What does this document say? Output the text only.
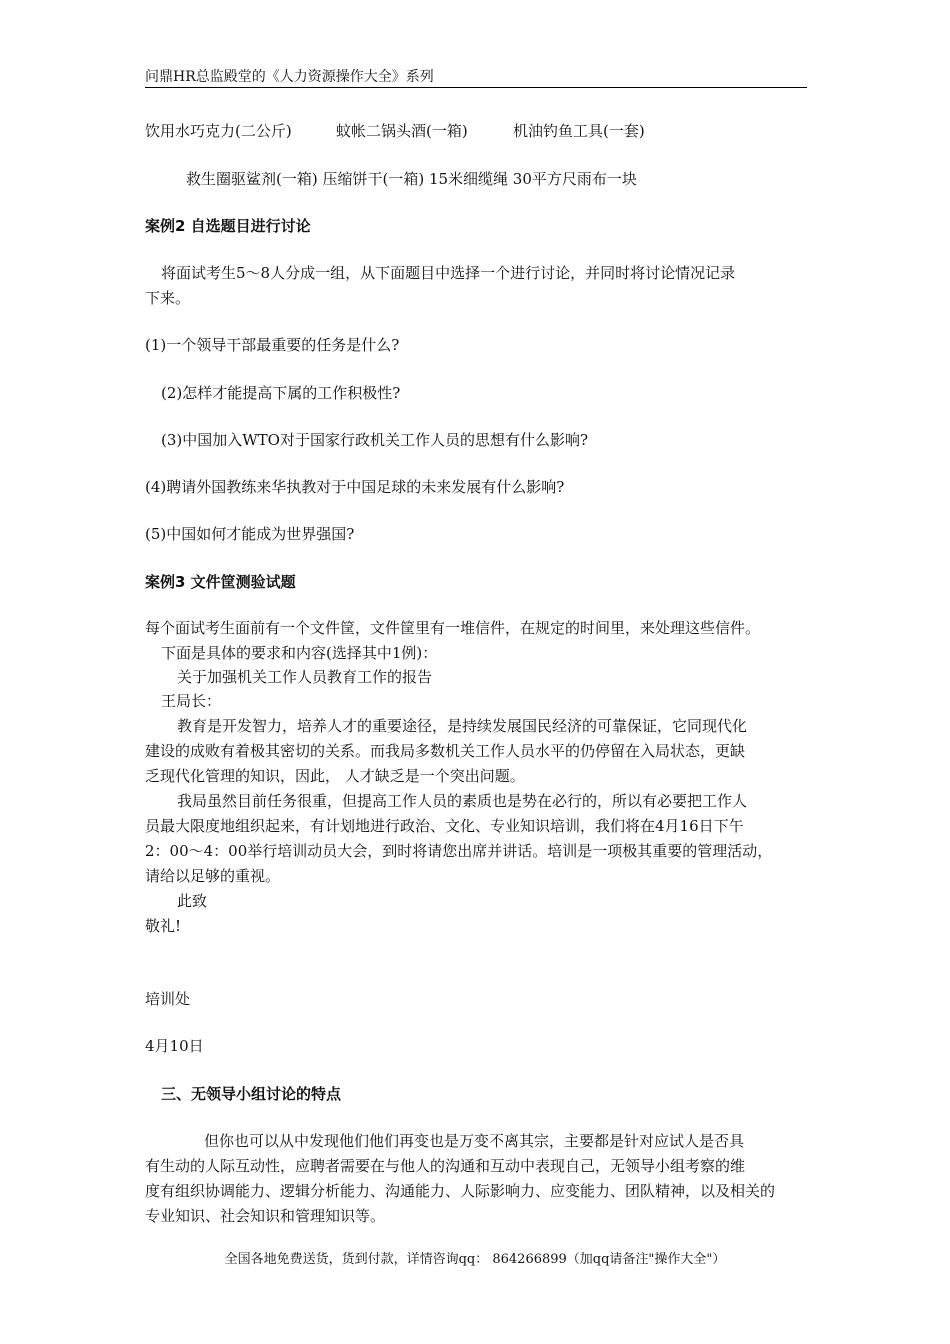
问鼎HR总监殿堂的《人力资源操作大全》系列
饮用水巧克力(二公斤)	蚊帐二锅头酒(一箱)	机油钓鱼工具(一套)
救生圈驱鲨剂(一箱) 压缩饼干(一箱) 15米细缆绳 30平方尺雨布一块
案例2 自选题目进行讨论
将面试考生5～8人分成一组，从下面题目中选择一个进行讨论，并同时将讨论情况记录
下来。
(1)一个领导干部最重要的任务是什么?
(2)怎样才能提高下属的工作积极性?
(3)中国加入WTO对于国家行政机关工作人员的思想有什么影响?
(4)聘请外国教练来华执教对于中国足球的未来发展有什么影响?
(5)中国如何才能成为世界强国?
案例3 文件筐测验试题
每个面试考生面前有一个文件筐，文件筐里有一堆信件，在规定的时间里，来处理这些信件。
下面是具体的要求和内容(选择其中1例)：
关于加强机关工作人员教育工作的报告
王局长：
教育是开发智力，培养人才的重要途径，是持续发展国民经济的可靠保证，它同现代化
建设的成败有着极其密切的关系。而我局多数机关工作人员水平的仍停留在入局状态，更缺
乏现代化管理的知识，因此， 人才缺乏是一个突出问题。
我局虽然目前任务很重，但提高工作人员的素质也是势在必行的，所以有必要把工作人
员最大限度地组织起来，有计划地进行政治、文化、专业知识培训，我们将在4月16日下午
2：00～4：00举行培训动员大会，到时将请您出席并讲话。培训是一项极其重要的管理活动，
请给以足够的重视。
此致
敬礼!
培训处
4月10日
三、无领导小组讨论的特点
但你也可以从中发现他们他们再变也是万变不离其宗，主要都是针对应试人是否具
有生动的人际互动性，应聘者需要在与他人的沟通和互动中表现自己，无领导小组考察的维
度有组织协调能力、逻辑分析能力、沟通能力、人际影响力、应变能力、团队精神，以及相关的
专业知识、社会知识和管理知识等。
全国各地免费送货，货到付款，详情咨询qq： 864266899（加qq请备注"操作大全"）
